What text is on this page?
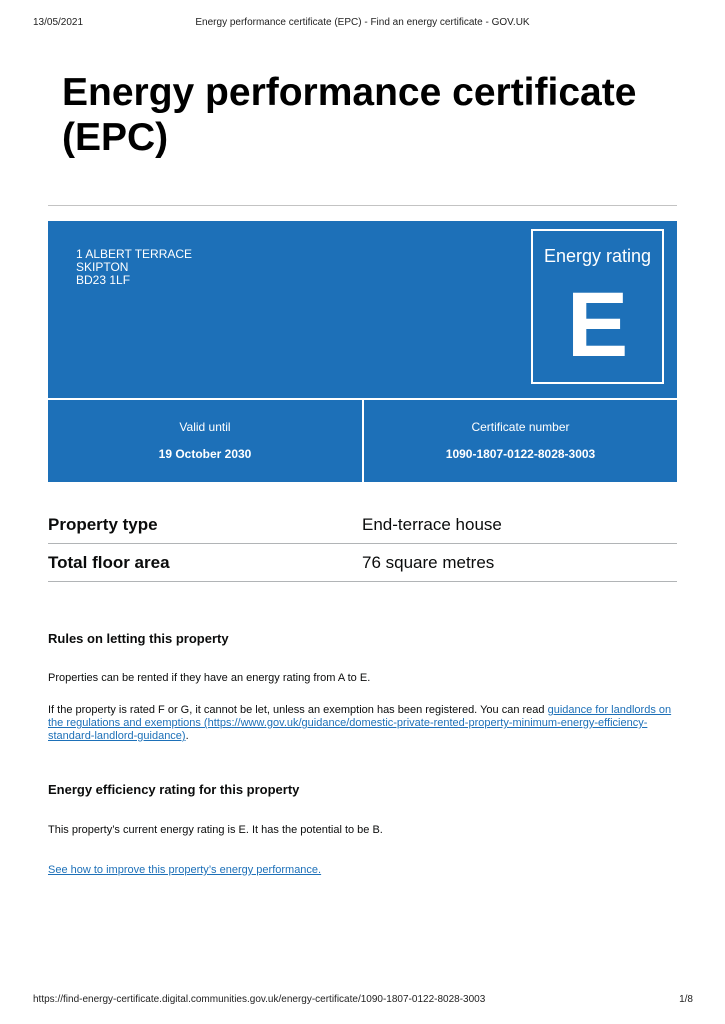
13/05/2021	Energy performance certificate (EPC) - Find an energy certificate - GOV.UK
Energy performance certificate (EPC)
1 ALBERT TERRACE
SKIPTON
BD23 1LF
Energy rating
E
Valid until
19 October 2030
Certificate number
1090-1807-0122-8028-3003
Property type	End-terrace house
Total floor area	76 square metres
Rules on letting this property

Properties can be rented if they have an energy rating from A to E.

If the property is rated F or G, it cannot be let, unless an exemption has been registered. You can read guidance for landlords on the regulations and exemptions (https://www.gov.uk/guidance/domestic-private-rented-property-minimum-energy-efficiency-standard-landlord-guidance).

Energy efficiency rating for this property

This property’s current energy rating is E. It has the potential to be B.

See how to improve this property’s energy performance.

https://find-energy-certificate.digital.communities.gov.uk/energy-certificate/1090-1807-0122-8028-3003	1/8
